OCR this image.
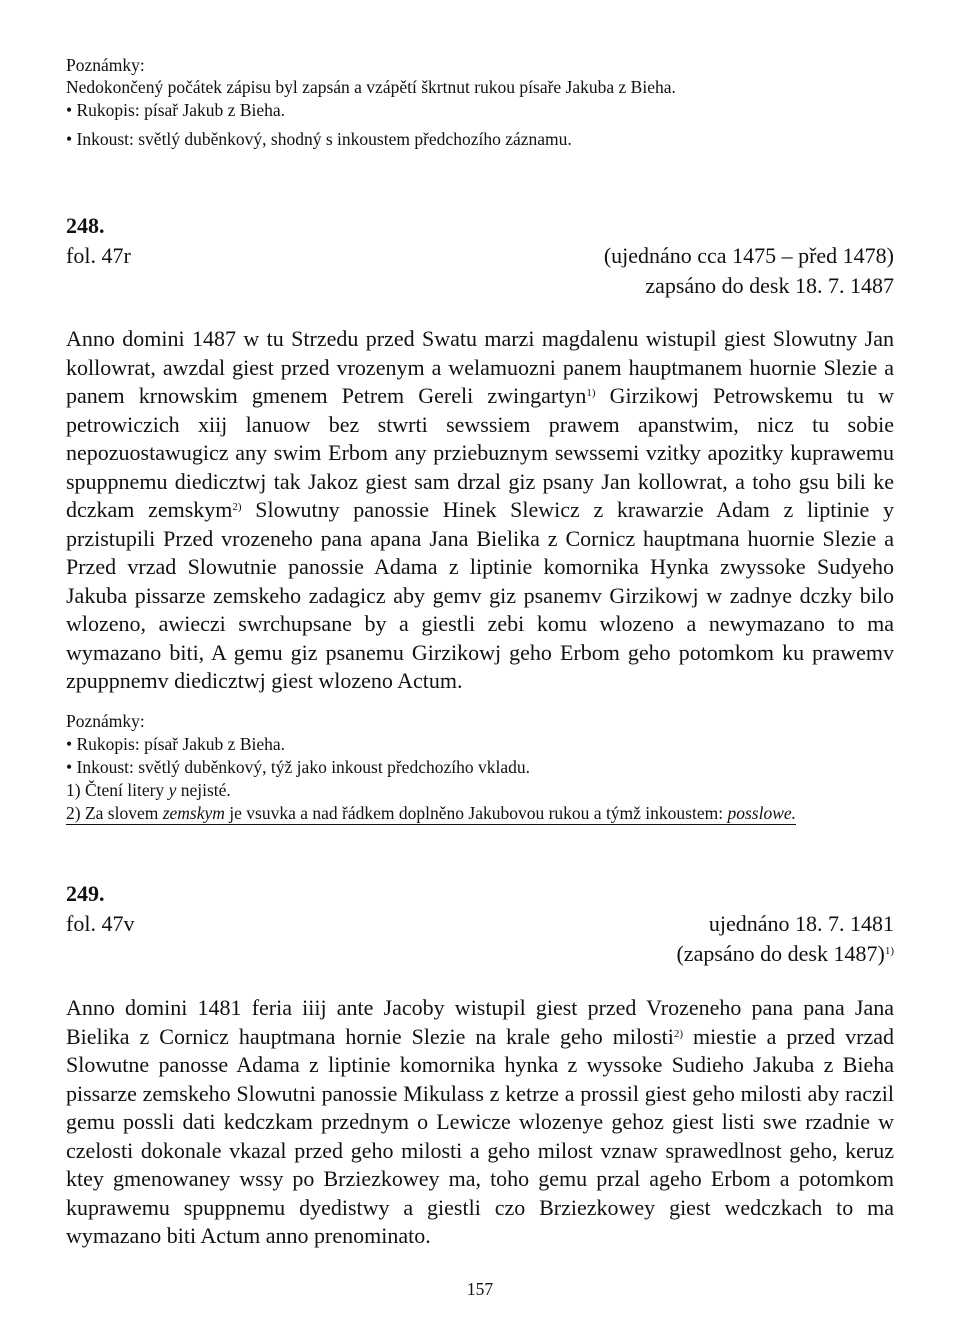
Poznámky:

Nedokončený počátek zápisu byl zapsán a vzápětí škrtnut rukou písaře Jakuba z Bieha.

• Rukopis: písař Jakub z Bieha.

• Inkoust: světlý duběnkový, shodný s inkoustem předchozího záznamu.

248.
fol. 47r	(ujednáno cca 1475 – před 1478)
zapsáno do desk 18. 7. 1487

Anno domini 1487 w tu Strzedu przed Swatu marzi magdalenu wistupil giest Slowutny Jan kollowrat, awzdal giest przed vrozenym a welamuozni panem hauptmanem huornie Slezie a panem krnowskim gmenem Petrem Gereli zwingartyn$^{1)}$ Girzikowj Petrowskemu tu w petrowiczich xiij lanuow bez stwrti sewssiem prawem apanstwim, nicz tu sobie nepozuostawugicz any swim Erbom any prziebuznym sewssemi vzitky apozitky kuprawemu spuppnemu diedicztwj tak Jakoz giest sam drzal giz psany Jan kollowrat, a toho gsu bili ke dczkam zemskym$^{2)}$ Slowutny panossie Hinek Slewicz z krawarzie Adam z liptinie y przistupili Przed vrozeneho pana apana Jana Bielika z Cornicz hauptmana huornie Slezie a Przed vrzad Slowutnie panossie Adama z liptinie komornika Hynka zwyssoke Sudyeho Jakuba pissarze zemskeho zadagicz aby gemv giz psanemv Girzikowj w zadnye dczky bilo wlozeno, awieczi swrchupsane by a giestli zebi komu wlozeno a newymazano to ma wymazano biti, A gemu giz psanemu Girzikowj geho Erbom geho potomkom ku prawemv zpuppnemv diedicztwj giest wlozeno Actum.

Poznámky:

• Rukopis: písař Jakub z Bieha.

• Inkoust: světlý duběnkový, týž jako inkoust předchozího vkladu.

1) Čtení litery y nejisté.

2) Za slovem zemskym je vsuvka a nad řádkem doplněno Jakubovou rukou a týmž inkoustem: posslowe.

249.
fol. 47v	ujednáno 18. 7. 1481
(zapsáno do desk 1487)$^{1)}$

Anno domini 1481 feria iiij ante Jacoby wistupil giest przed Vrozeneho pana pana Jana Bielika z Cornicz hauptmana hornie Slezie na krale geho milosti$^{2)}$ miestie a przed vrzad Slowutne panosse Adama z liptinie komornika hynka z wyssoke Sudieho Jakuba z Bieha pissarze zemskeho Slowutni panossie Mikulass z ketrze a prossil giest geho milosti aby raczil gemu possli dati kedczkam przednym o Lewicze wlozenye gehoz giest listi swe rzadnie w czelosti dokonale vkazal przed geho milosti a geho milost vznaw sprawedlnost geho, keruz ktey gmenowaney wssy po Brziezkowey ma, toho gemu przal ageho Erbom a potomkom kuprawemu spuppnemu dyedistwy a giestli czo Brziezkowey giest wedczkach to ma wymazano biti Actum anno prenominato.

157
